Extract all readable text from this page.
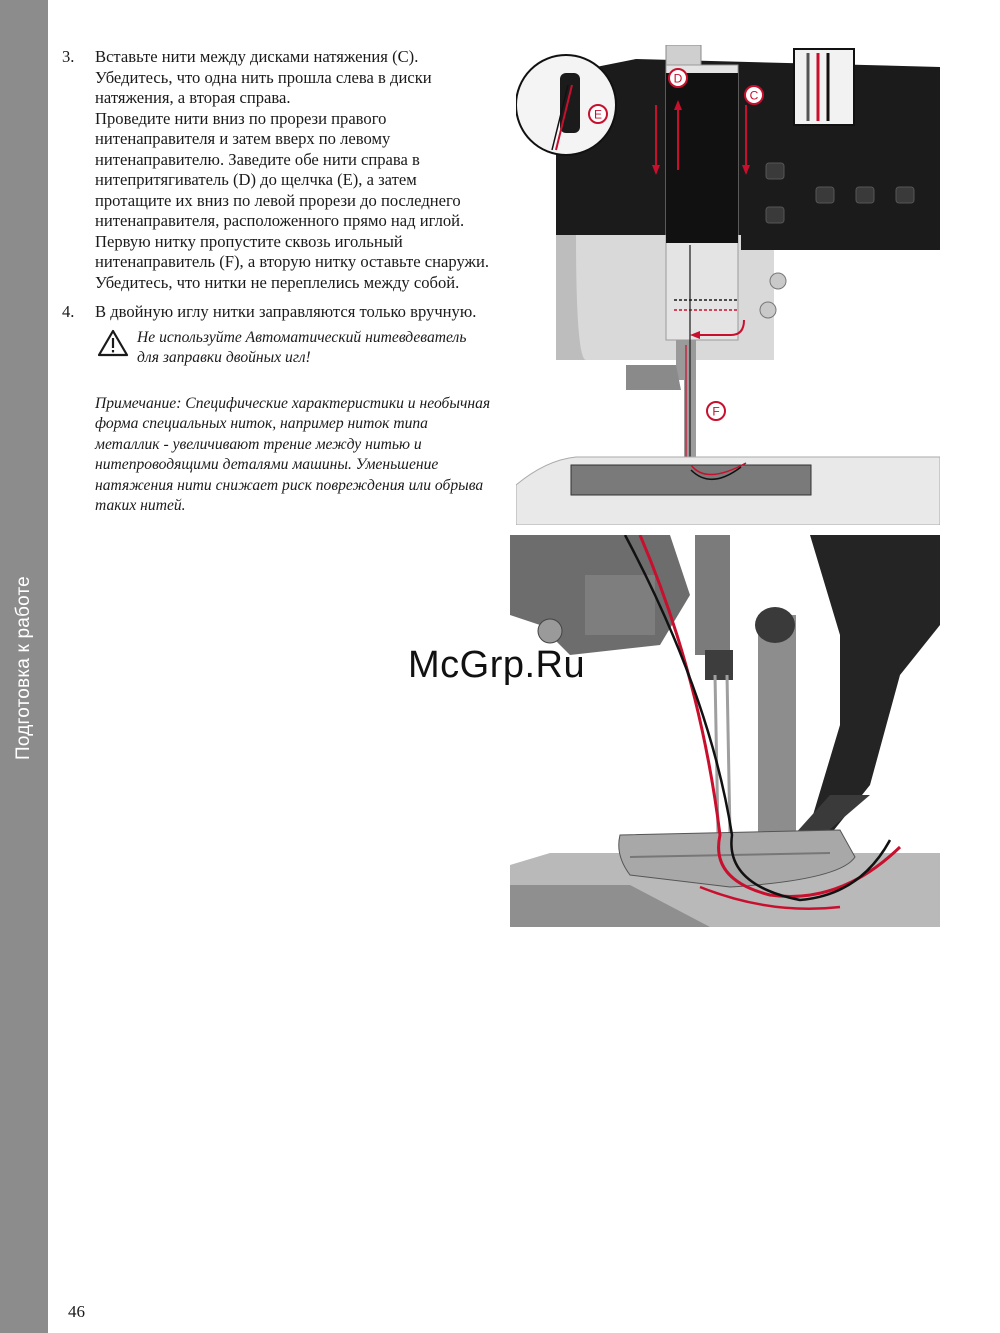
Подготовка к работе
3. Вставьте нити между дисками натяжения (C). Убедитесь, что одна нить прошла слева в диски натяжения, а вторая справа.

Проведите нити вниз по прорези правого нитенаправителя и затем вверх по левому нитенаправителю. Заведите обе нити справа в нитепритягиватель (D) до щелчка (E), а затем протащите их вниз по левой прорези до последнего нитенаправителя, расположенного прямо над иглой. Первую нитку пропустите сквозь игольный нитенаправитель (F), а вторую нитку оставьте снаружи. Убедитесь, что нитки не переплелись между собой.

4. В двойную иглу нитки заправляются только вручную.

Не используйте Автоматический нитевдеватель для заправки двойных игл!
Примечание: Специфические характеристики и необычная форма специальных ниток, например ниток типа металлик - увеличивают трение между нитью и нитепроводящими деталями машины. Уменьшение натяжения нити снижает риск повреждения или обрыва таких нитей.
D
C
E
F
McGrp.Ru
46
